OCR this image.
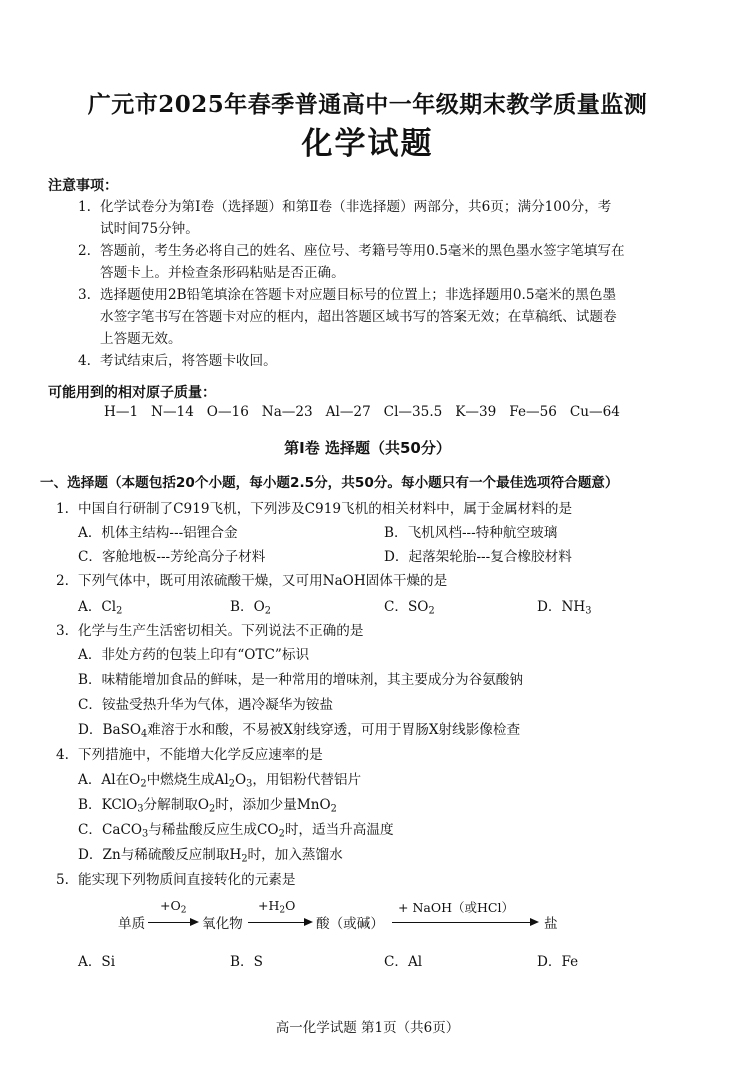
广元市2025年春季普通高中一年级期末教学质量监测
化学试题
注意事项：
1. 化学试卷分为第Ⅰ卷（选择题）和第Ⅱ卷（非选择题）两部分，共6页；满分100分，考
试时间75分钟。
2. 答题前，考生务必将自己的姓名、座位号、考籍号等用0.5毫米的黑色墨水签字笔填写在
答题卡上。并检查条形码粘贴是否正确。
3. 选择题使用2B铅笔填涂在答题卡对应题目标号的位置上；非选择题用0.5毫米的黑色墨
水签字笔书写在答题卡对应的框内，超出答题区域书写的答案无效；在草稿纸、试题卷
上答题无效。
4. 考试结束后，将答题卡收回。
可能用到的相对原子质量：
H—1   N—14   O—16   Na—23   Al—27   Cl—35.5   K—39   Fe—56   Cu—64
第Ⅰ卷 选择题（共50分）
一、选择题（本题包括20个小题，每小题2.5分，共50分。每小题只有一个最佳选项符合题意）
1. 中国自行研制了C919飞机，下列涉及C919飞机的相关材料中，属于金属材料的是
A．机体主结构---铝锂合金	B．飞机风档---特种航空玻璃
C．客舱地板---芳纶高分子材料	D．起落架轮胎---复合橡胶材料
2. 下列气体中，既可用浓硫酸干燥，又可用NaOH固体干燥的是
A．$Cl_2$	B．$O_2$	C．$SO_2$	D．$NH_3$
3. 化学与生产生活密切相关。下列说法不正确的是
A．非处方药的包装上印有“OTC”标识
B．味精能增加食品的鲜味，是一种常用的增味剂，其主要成分为谷氨酸钠
C．铵盐受热升华为气体，遇冷凝华为铵盐
D．BaSO$_4$难溶于水和酸，不易被X射线穿透，可用于胃肠X射线影像检查
4. 下列措施中，不能增大化学反应速率的是
A．Al在$O_2$中燃烧生成$Al_2O_3$，用铝粉代替铝片
B．KClO$_3$分解制取$O_2$时，添加少量MnO$_2$
C．CaCO$_3$与稀盐酸反应生成$CO_2$时，适当升高温度
D．Zn与稀硫酸反应制取$H_2$时，加入蒸馏水
5. 能实现下列物质间直接转化的元素是
单质
$+O_2$
氧化物
$+H_2O$
酸（或碱）
+ NaOH（或HCl）
盐
A．Si	B．S	C．Al	D．Fe
高一化学试题 第1页（共6页）
